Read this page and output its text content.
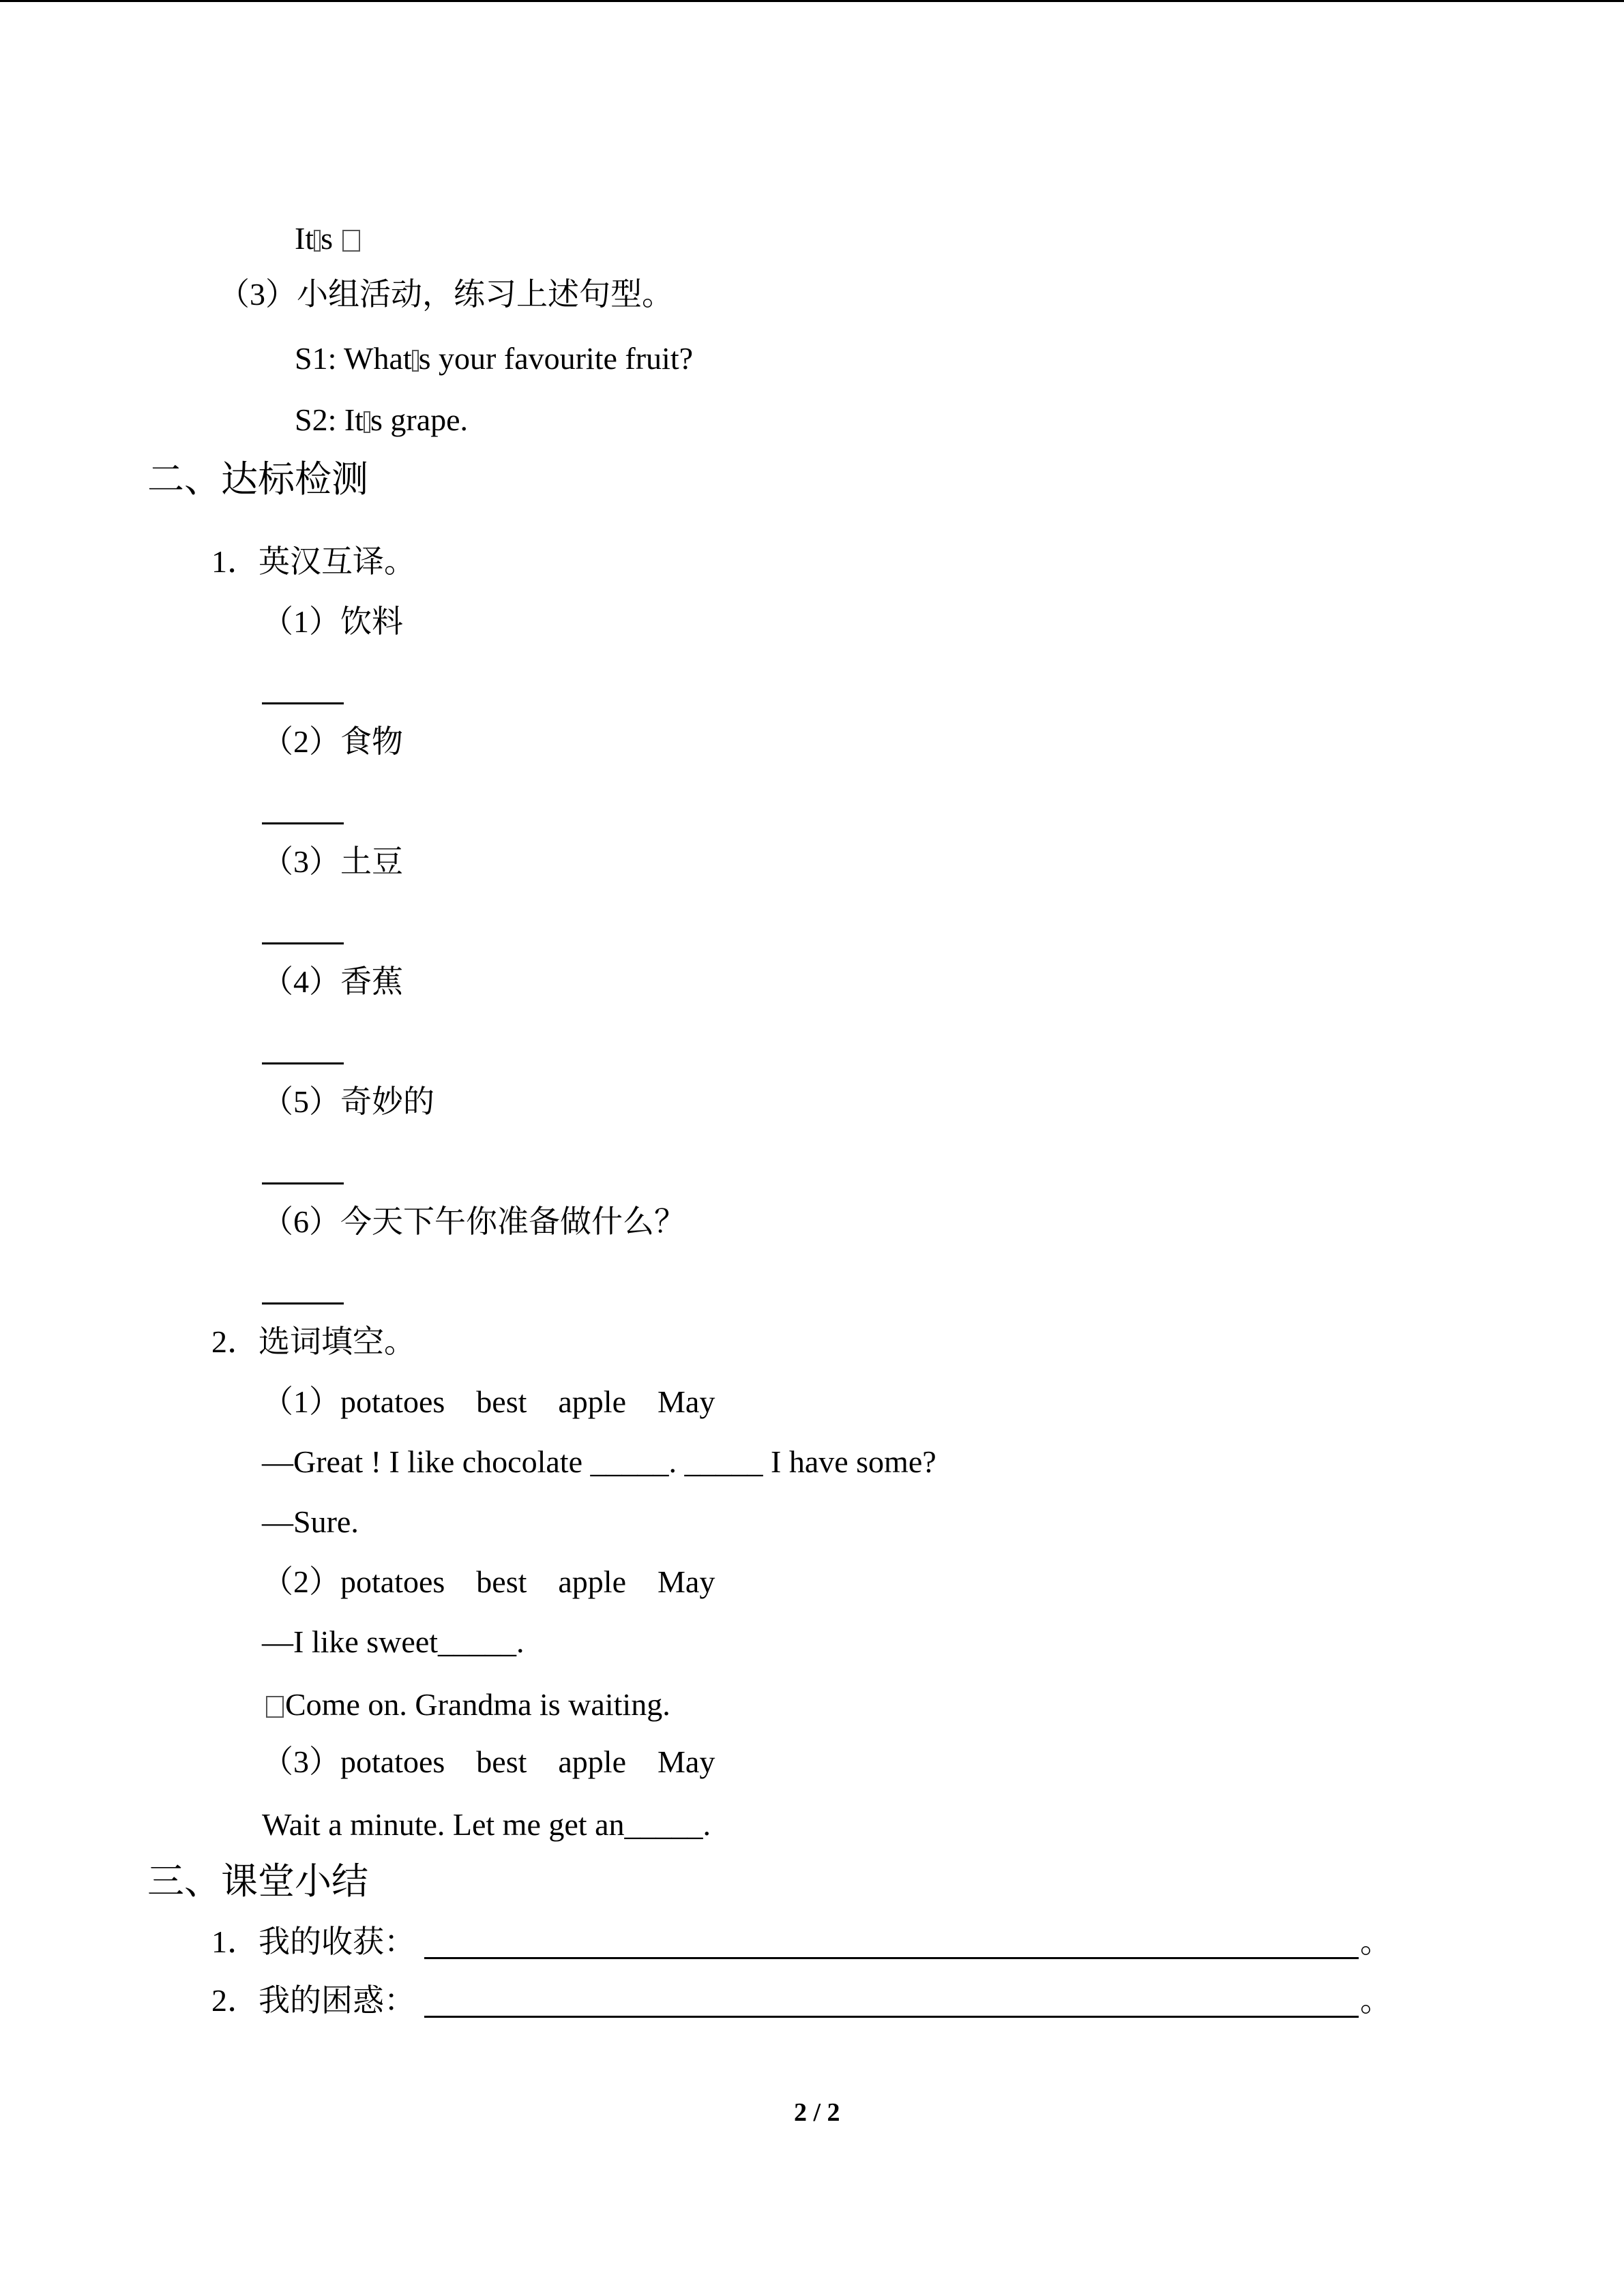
It s
（3）小组活动，练习上述句型。
S1: What s your favourite fruit?
S2: It s grape.
二、达标检测
1．英汉互译。
（1）饮料
（2）食物
（3）土豆
（4）香蕉
（5）奇妙的
（6）今天下午你准备做什么？
2．选词填空。
（1）potatoes　best　apple　May
—Great ! I like chocolate _____. _____ I have some?
—Sure.
（2）potatoes　best　apple　May
—I like sweet_____.
Come on. Grandma is waiting.
（3）potatoes　best　apple　May
Wait a minute. Let me get an_____.
三、课堂小结
1．我的收获：	。
2．我的困惑：	。
2 / 2
